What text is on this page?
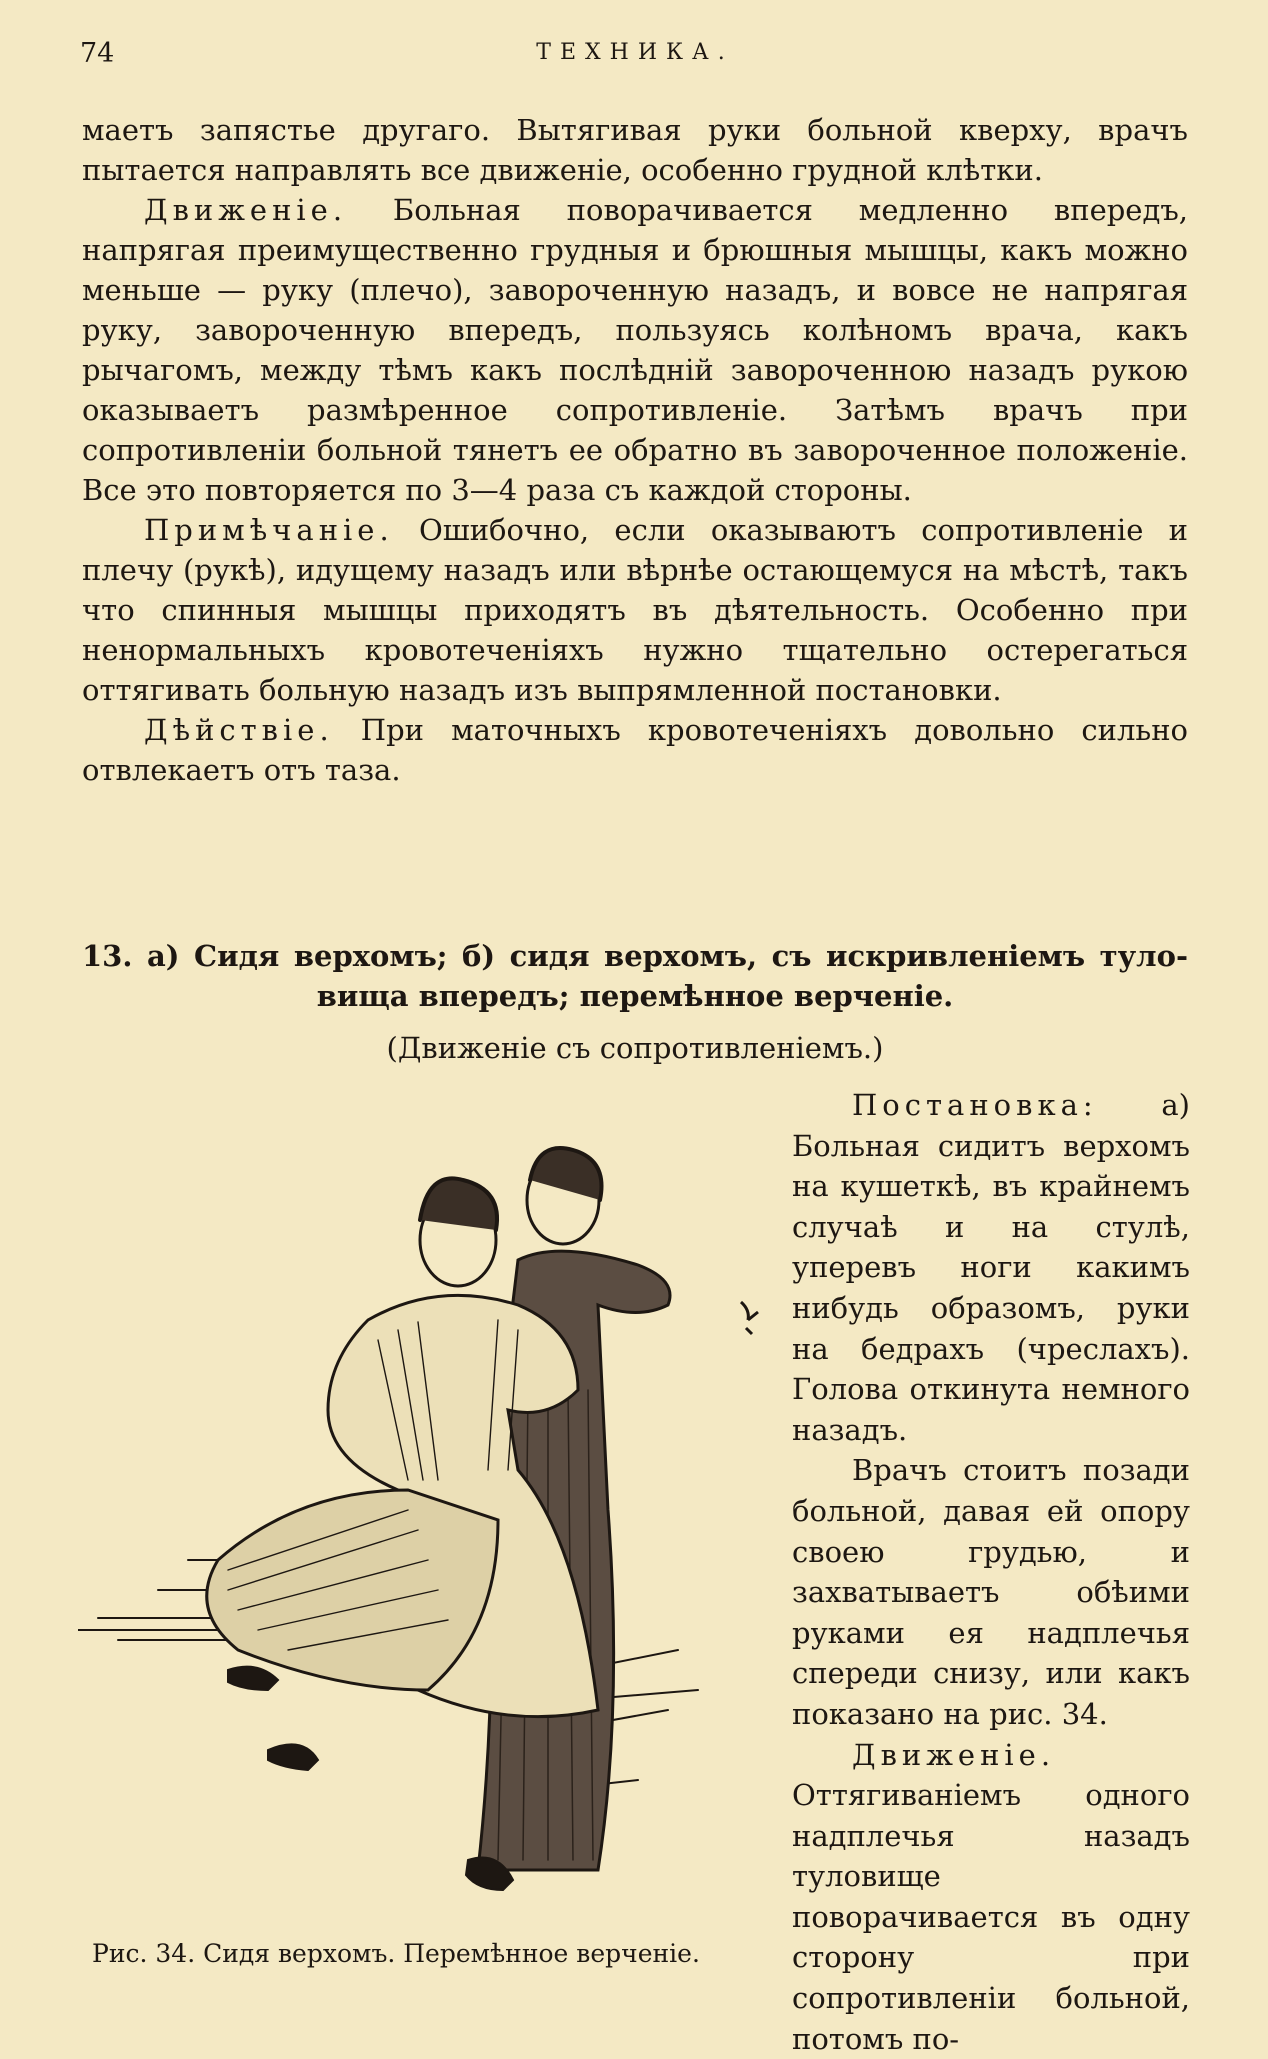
74	ТЕХНИКА.

маетъ запястье другаго. Вытягивая руки больной кверху, врачъ пытается направлять все движеніе, особенно грудной клѣтки.

Движеніе. Больная поворачивается медленно впередъ, напрягая преимущественно грудныя и брюшныя мышцы, какъ можно меньше — руку (плечо), завороченную назадъ, и вовсе не напрягая руку, завороченную впередъ, пользуясь колѣномъ врача, какъ рычагомъ, между тѣмъ какъ послѣдній завороченною назадъ рукою оказываетъ размѣренное сопротивленіе. Затѣмъ врачъ при сопротивленіи больной тянетъ ее обратно въ завороченное положеніе. Все это повторяется по 3—4 раза съ каждой стороны.

Примѣчаніе. Ошибочно, если оказываютъ сопротивленіе и плечу (рукѣ), идущему назадъ или вѣрнѣе остающемуся на мѣстѣ, такъ что спинныя мышцы приходятъ въ дѣятельность. Особенно при ненормальныхъ кровотеченіяхъ нужно тщательно остерегаться оттягивать больную назадъ изъ выпрямленной постановки.

Дѣйствіе. При маточныхъ кровотеченіяхъ довольно сильно отвлекаетъ отъ таза.

13. а) Сидя верхомъ; б) сидя верхомъ, съ искривленіемъ туло-
вища впередъ; перемѣнное верченіе.
(Движеніе съ сопротивленіемъ.)

Постановка: а) Больная сидитъ верхомъ на кушеткѣ, въ крайнемъ случаѣ и на стулѣ, уперевъ ноги какимъ нибудь образомъ, руки на бедрахъ (чреслахъ). Голова откинута немного назадъ.

Врачъ стоитъ позади больной, давая ей опору своею грудью, и захватываетъ обѣими руками ея надплечья спереди снизу, или какъ показано на рис. 34.

Движеніе. Оттягиваніемъ одного надплечья назадъ туловище поворачивается въ одну сторону при сопротивленіи больной, потомъ по-

Рис. 34. Сидя верхомъ. Перемѣнное верченіе.
